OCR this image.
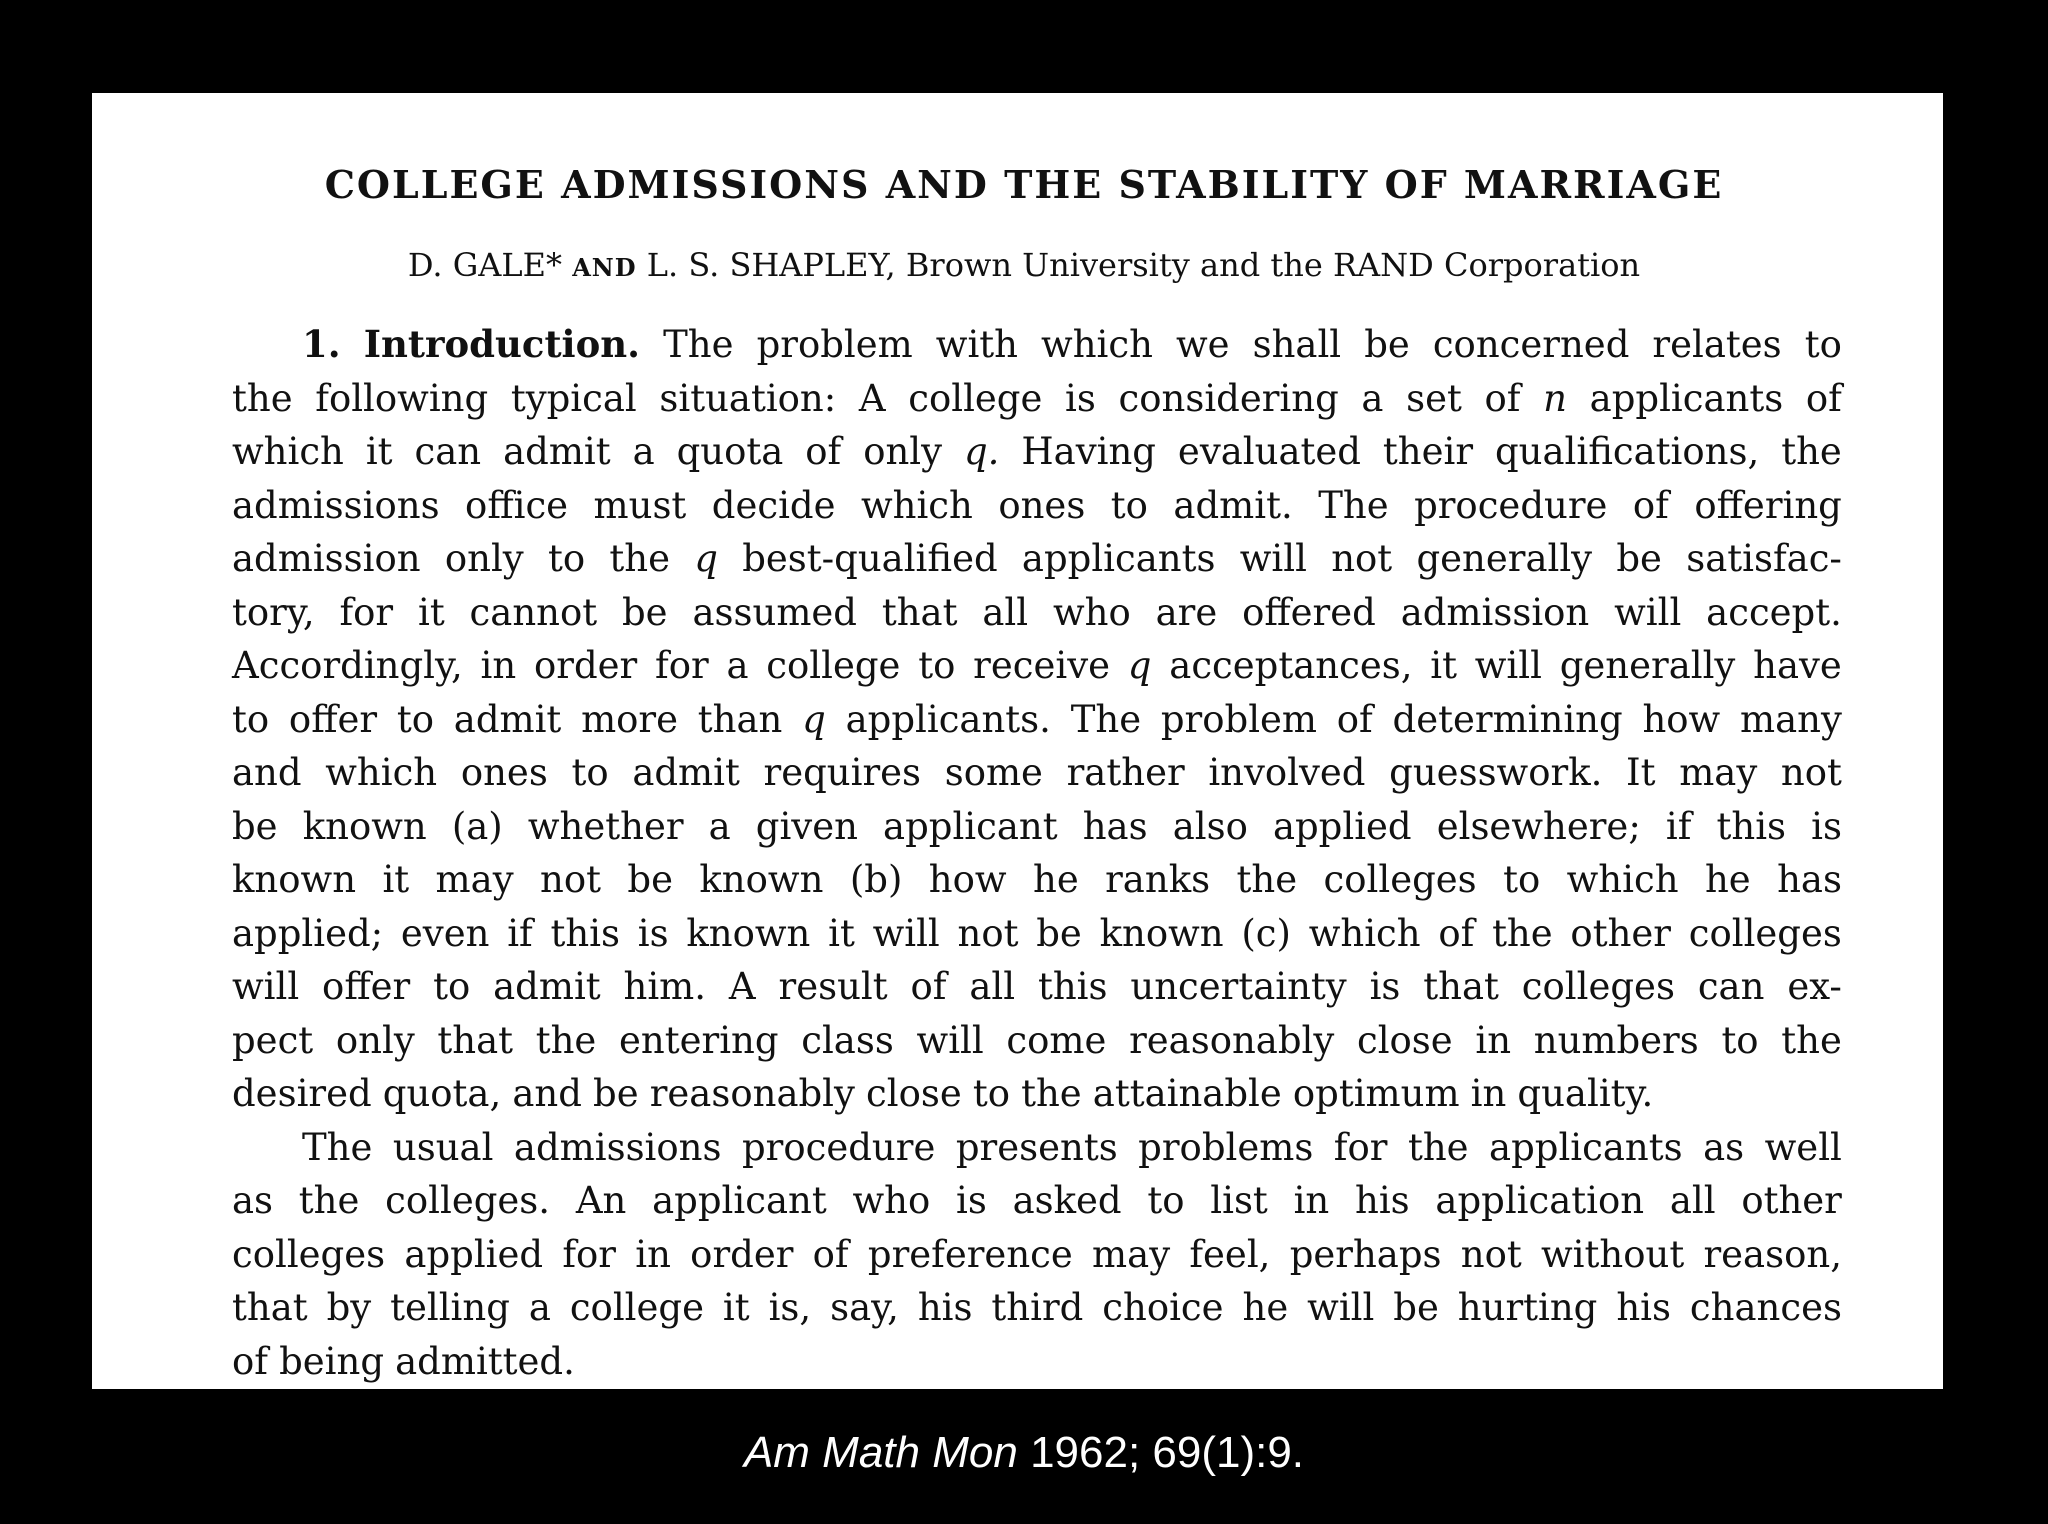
COLLEGE ADMISSIONS AND THE STABILITY OF MARRIAGE
D. GALE* AND L. S. SHAPLEY, Brown University and the RAND Corporation
1. Introduction. The problem with which we shall be concerned relates to
the following typical situation: A college is considering a set of n applicants of
which it can admit a quota of only q. Having evaluated their qualifications, the
admissions office must decide which ones to admit. The procedure of offering
admission only to the q best-qualified applicants will not generally be satisfac-
tory, for it cannot be assumed that all who are offered admission will accept.
Accordingly, in order for a college to receive q acceptances, it will generally have
to offer to admit more than q applicants. The problem of determining how many
and which ones to admit requires some rather involved guesswork. It may not
be known (a) whether a given applicant has also applied elsewhere; if this is
known it may not be known (b) how he ranks the colleges to which he has
applied; even if this is known it will not be known (c) which of the other colleges
will offer to admit him. A result of all this uncertainty is that colleges can ex-
pect only that the entering class will come reasonably close in numbers to the
desired quota, and be reasonably close to the attainable optimum in quality.
The usual admissions procedure presents problems for the applicants as well
as the colleges. An applicant who is asked to list in his application all other
colleges applied for in order of preference may feel, perhaps not without reason,
that by telling a college it is, say, his third choice he will be hurting his chances
of being admitted.
Am Math Mon 1962; 69(1):9.
